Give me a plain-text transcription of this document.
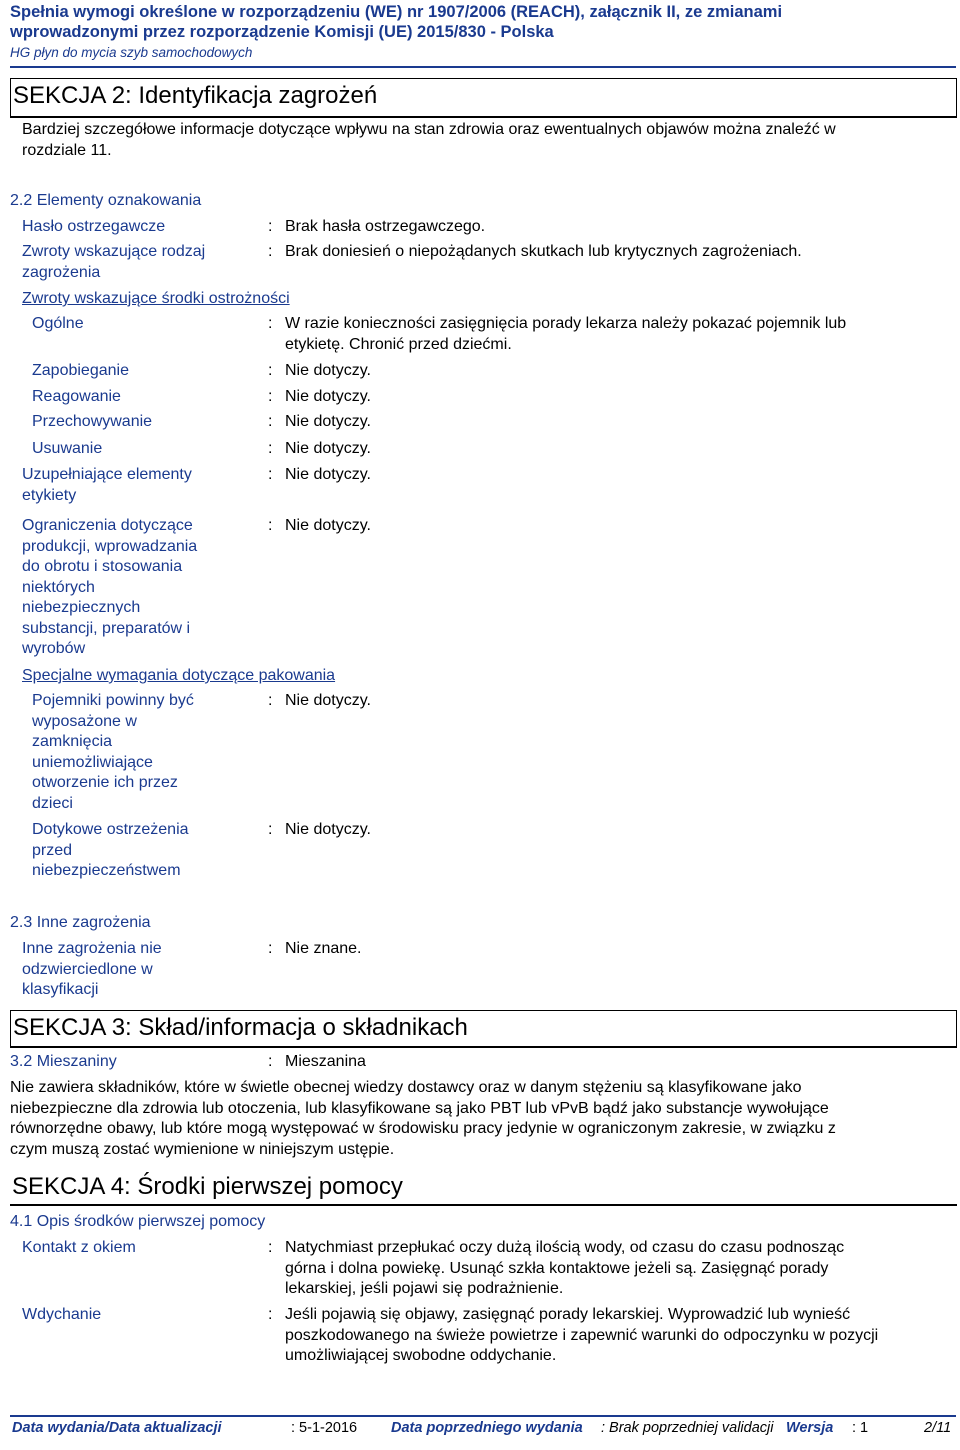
Spełnia wymogi określone w rozporządzeniu (WE) nr 1907/2006 (REACH), załącznik II, ze zmianami
wprowadzonymi przez rozporządzenie Komisji (UE) 2015/830 - Polska
HG płyn do mycia szyb samochodowych
SEKCJA 2: Identyfikacja zagrożeń
Bardziej szczegółowe informacje dotyczące wpływu na stan zdrowia oraz ewentualnych objawów można znaleźć w
rozdziale 11.
2.2 Elementy oznakowania
Hasło ostrzegawcze	: Brak hasła ostrzegawczego.
Zwroty wskazujące rodzaj
zagrożenia
: Brak doniesień o niepożądanych skutkach lub krytycznych zagrożeniach.
Zwroty wskazujące środki ostrożności
Ogólne	: W razie konieczności zasięgnięcia porady lekarza należy pokazać pojemnik lub
etykietę. Chronić przed dziećmi.
Zapobieganie	: Nie dotyczy.
Reagowanie	: Nie dotyczy.
Przechowywanie	: Nie dotyczy.
Usuwanie	: Nie dotyczy.
Uzupełniające elementy
etykiety
: Nie dotyczy.
Ograniczenia dotyczące
produkcji, wprowadzania
do obrotu i stosowania
niektórych
niebezpiecznych
substancji, preparatów i
wyrobów
: Nie dotyczy.
Specjalne wymagania dotyczące pakowania
Pojemniki powinny być
wyposażone w
zamknięcia
uniemożliwiające
otworzenie ich przez
dzieci
: Nie dotyczy.
Dotykowe ostrzeżenia
przed
niebezpieczeństwem
: Nie dotyczy.
2.3 Inne zagrożenia
Inne zagrożenia nie
odzwierciedlone w
klasyfikacji
: Nie znane.
SEKCJA 3: Skład/informacja o składnikach
3.2 Mieszaniny	: Mieszanina
Nie zawiera składników, które w świetle obecnej wiedzy dostawcy oraz w danym stężeniu są klasyfikowane jako
niebezpieczne dla zdrowia lub otoczenia, lub klasyfikowane są jako PBT lub vPvB bądź jako substancje wywołujące
równorzędne obawy, lub które mogą występować w środowisku pracy jedynie w ograniczonym zakresie, w związku z
czym muszą zostać wymienione w niniejszym ustępie.
SEKCJA 4: Środki pierwszej pomocy
4.1 Opis środków pierwszej pomocy
Kontakt z okiem	: Natychmiast przepłukać oczy dużą ilością wody, od czasu do czasu podnosząc
górna i dolna powiekę. Usunąć szkła kontaktowe jeżeli są. Zasięgnąć porady
lekarskiej, jeśli pojawi się podrażnienie.
Wdychanie	: Jeśli pojawią się objawy, zasięgnąć porady lekarskiej. Wyprowadzić lub wynieść
poszkodowanego na świeże powietrze i zapewnić warunki do odpoczynku w pozycji
umożliwiającej swobodne oddychanie.
Data wydania/Data aktualizacji	: 5-1-2016 Data poprzedniego wydania : Brak poprzedniej validacji Wersja : 1	2/11
